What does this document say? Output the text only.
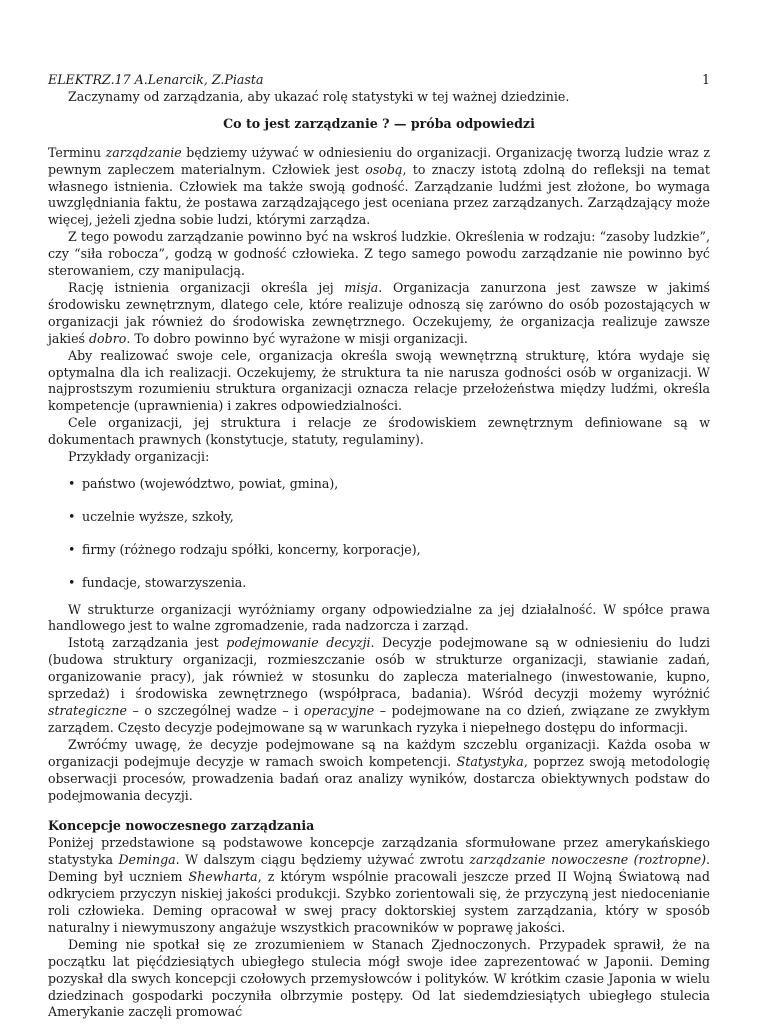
ELEKTRZ.17 A.Lenarcik, Z.Piasta	1

Zaczynamy od zarządzania, aby ukazać rolę statystyki w tej ważnej dziedzinie.

Co to jest zarządzanie ? — próba odpowiedzi

Terminu zarządzanie będziemy używać w odniesieniu do organizacji. Organizację tworzą ludzie wraz z pewnym zapleczem materialnym. Człowiek jest osobą, to znaczy istotą zdolną do refleksji na temat własnego istnienia. Człowiek ma także swoją godność. Zarządzanie ludźmi jest złożone, bo wymaga uwzględniania faktu, że postawa zarządzającego jest oceniana przez zarządzanych. Zarządzający może więcej, jeżeli zjedna sobie ludzi, którymi zarządza.

Z tego powodu zarządzanie powinno być na wskroś ludzkie. Określenia w rodzaju: “zasoby ludzkie”, czy “siła robocza”, godzą w godność człowieka. Z tego samego powodu zarządzanie nie powinno być sterowaniem, czy manipulacją.

Rację istnienia organizacji określa jej misja. Organizacja zanurzona jest zawsze w jakimś środowisku zewnętrznym, dlatego cele, które realizuje odnoszą się zarówno do osób pozostających w organizacji jak również do środowiska zewnętrznego. Oczekujemy, że organizacja realizuje zawsze jakieś dobro. To dobro powinno być wyrażone w misji organizacji.

Aby realizować swoje cele, organizacja określa swoją wewnętrzną strukturę, która wydaje się optymalna dla ich realizacji. Oczekujemy, że struktura ta nie narusza godności osób w organizacji. W najprostszym rozumieniu struktura organizacji oznacza relacje przełożeństwa między ludźmi, określa kompetencje (uprawnienia) i zakres odpowiedzialności.

Cele organizacji, jej struktura i relacje ze środowiskiem zewnętrznym definiowane są w dokumentach prawnych (konstytucje, statuty, regulaminy).

Przykłady organizacji:

• państwo (województwo, powiat, gmina),
• uczelnie wyższe, szkoły,
• firmy (różnego rodzaju spółki, koncerny, korporacje),
• fundacje, stowarzyszenia.

W strukturze organizacji wyróżniamy organy odpowiedzialne za jej działalność. W spółce prawa handlowego jest to walne zgromadzenie, rada nadzorcza i zarząd.

Istotą zarządzania jest podejmowanie decyzji. Decyzje podejmowane są w odniesieniu do ludzi (budowa struktury organizacji, rozmieszczanie osób w strukturze organizacji, stawianie zadań, organizowanie pracy), jak również w stosunku do zaplecza materialnego (inwestowanie, kupno, sprzedaż) i środowiska zewnętrznego (współpraca, badania). Wśród decyzji możemy wyróżnić strategiczne – o szczególnej wadze – i operacyjne – podejmowane na co dzień, związane ze zwykłym zarządem. Często decyzje podejmowane są w warunkach ryzyka i niepełnego dostępu do informacji.

Zwróćmy uwagę, że decyzje podejmowane są na każdym szczeblu organizacji. Każda osoba w organizacji podejmuje decyzje w ramach swoich kompetencji. Statystyka, poprzez swoją metodologię obserwacji procesów, prowadzenia badań oraz analizy wyników, dostarcza obiektywnych podstaw do podejmowania decyzji.

Koncepcje nowoczesnego zarządzania

Poniżej przedstawione są podstawowe koncepcje zarządzania sformułowane przez amerykańskiego statystyka Deminga. W dalszym ciągu będziemy używać zwrotu zarządzanie nowoczesne (roztropne). Deming był uczniem Shewharta, z którym wspólnie pracowali jeszcze przed II Wojną Światową nad odkryciem przyczyn niskiej jakości produkcji. Szybko zorientowali się, że przyczyną jest niedocenianie roli człowieka. Deming opracował w swej pracy doktorskiej system zarządzania, który w sposób naturalny i niewymuszony angażuje wszystkich pracowników w poprawę jakości.

Deming nie spotkał się ze zrozumieniem w Stanach Zjednoczonych. Przypadek sprawił, że na początku lat pięćdziesiątych ubiegłego stulecia mógł swoje idee zaprezentować w Japonii. Deming pozyskał dla swych koncepcji czołowych przemysłowców i polityków. W krótkim czasie Japonia w wielu dziedzinach gospodarki poczyniła olbrzymie postępy. Od lat siedemdziesiątych ubiegłego stulecia Amerykanie zaczęli promować
